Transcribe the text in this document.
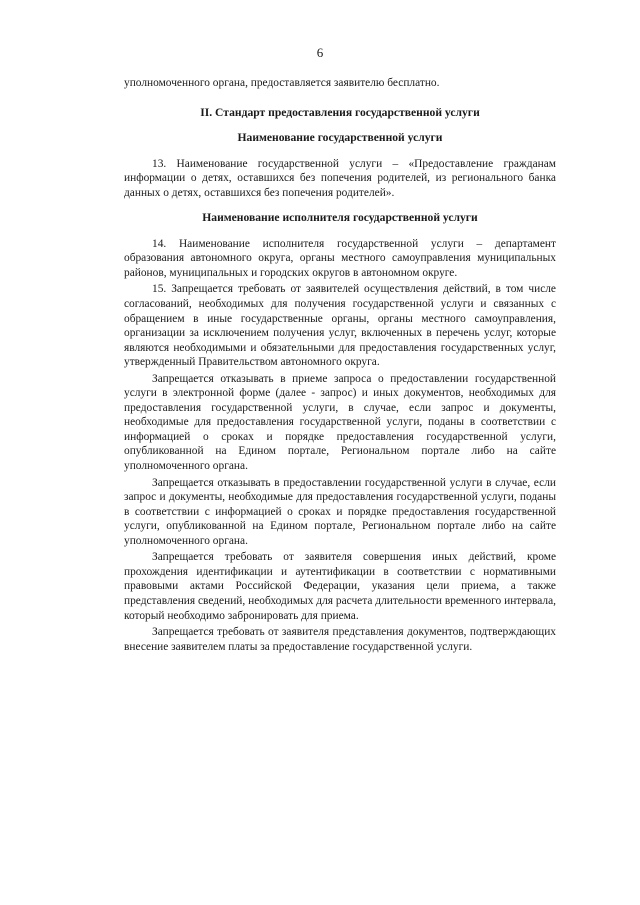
6

уполномоченного органа, предоставляется заявителю бесплатно.

II. Стандарт предоставления государственной услуги

Наименование государственной услуги

13. Наименование государственной услуги – «Предоставление гражданам информации о детях, оставшихся без попечения родителей, из регионального банка данных о детях, оставшихся без попечения родителей».

Наименование исполнителя государственной услуги

14. Наименование исполнителя государственной услуги – департамент образования автономного округа, органы местного самоуправления муниципальных районов, муниципальных и городских округов в автономном округе.

15. Запрещается требовать от заявителей осуществления действий, в том числе согласований, необходимых для получения государственной услуги и связанных с обращением в иные государственные органы, органы местного самоуправления, организации за исключением получения услуг, включенных в перечень услуг, которые являются необходимыми и обязательными для предоставления государственных услуг, утвержденный Правительством автономного округа.

Запрещается отказывать в приеме запроса о предоставлении государственной услуги в электронной форме (далее - запрос) и иных документов, необходимых для предоставления государственной услуги, в случае, если запрос и документы, необходимые для предоставления государственной услуги, поданы в соответствии с информацией о сроках и порядке предоставления государственной услуги, опубликованной на Едином портале, Региональном портале либо на сайте уполномоченного органа.

Запрещается отказывать в предоставлении государственной услуги в случае, если запрос и документы, необходимые для предоставления государственной услуги, поданы в соответствии с информацией о сроках и порядке предоставления государственной услуги, опубликованной на Едином портале, Региональном портале либо на сайте уполномоченного органа.

Запрещается требовать от заявителя совершения иных действий, кроме прохождения идентификации и аутентификации в соответствии с нормативными правовыми актами Российской Федерации, указания цели приема, а также представления сведений, необходимых для расчета длительности временного интервала, который необходимо забронировать для приема.

Запрещается требовать от заявителя представления документов, подтверждающих внесение заявителем платы за предоставление государственной услуги.
